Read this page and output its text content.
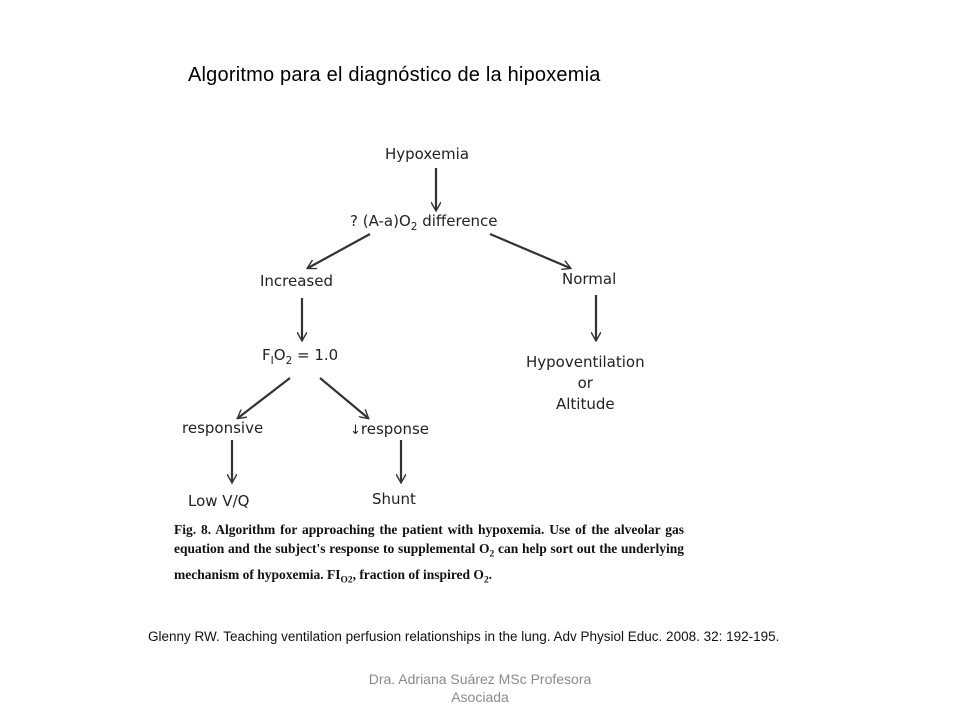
Algoritmo para el diagnóstico de la hipoxemia
Hypoxemia
? $(A-a)O_2$ difference
Increased	Normal
$F_IO_2 = 1.0$	Hypoventilation
or
Altitude
responsive	↓response
Low V/Q	Shunt
Fig. 8. Algorithm for approaching the patient with hypoxemia. Use of the alveolar gas equation and the subject's response to supplemental $O_2$ can help sort out the underlying mechanism of hypoxemia. $FI_{O2}$, fraction of inspired $O_2$.
Glenny RW. Teaching ventilation perfusion relationships in the lung. Adv Physiol Educ. 2008. 32: 192-195.
Dra. Adriana Suárez MSc Profesora
Asociada
